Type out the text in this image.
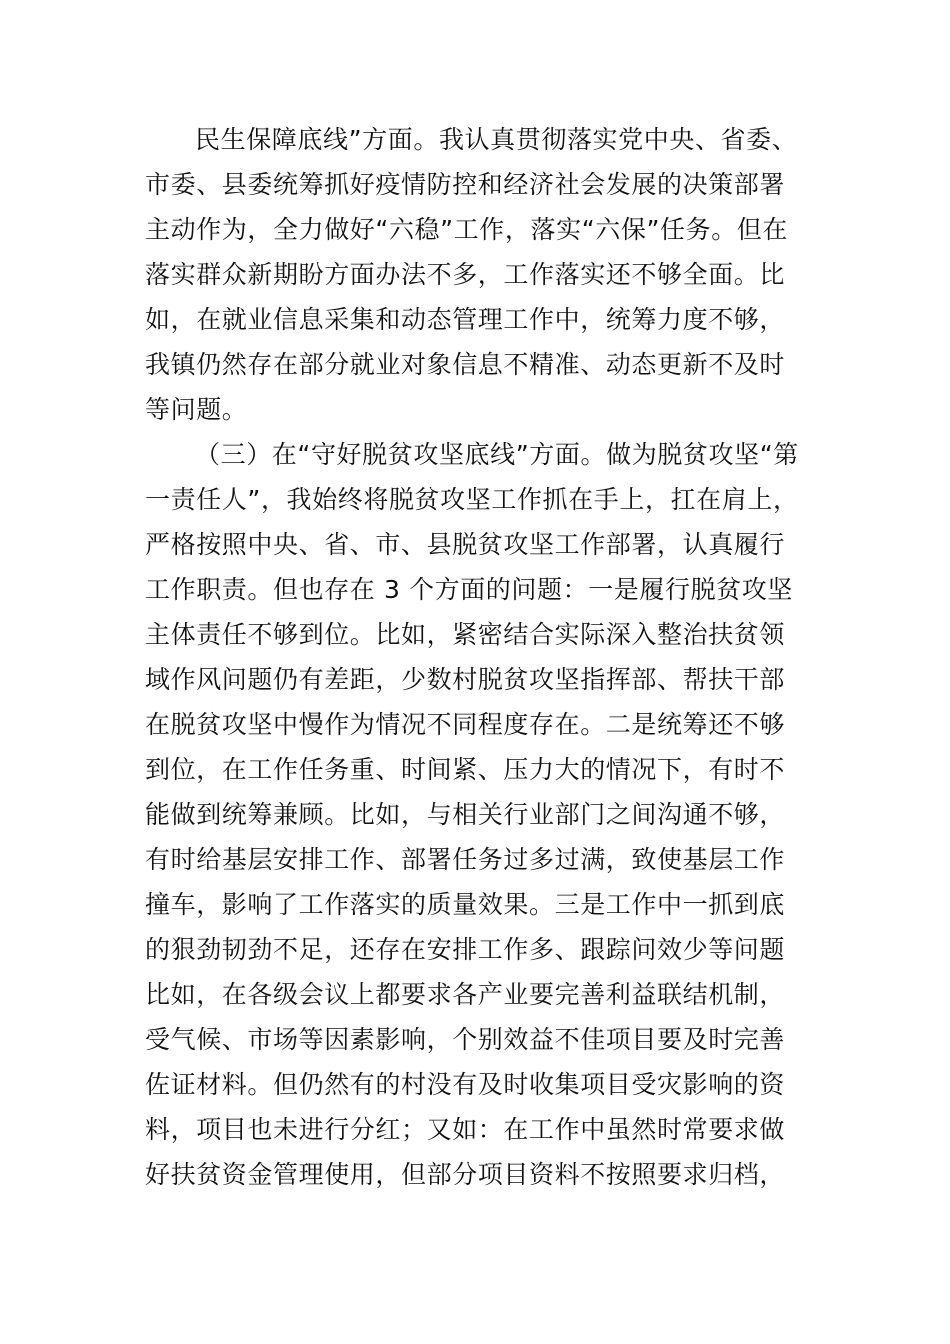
民生保障底线”方面。我认真贯彻落实党中央、省委、
市委、县委统筹抓好疫情防控和经济社会发展的决策部署
主动作为，全力做好“六稳”工作，落实“六保”任务。但在
落实群众新期盼方面办法不多，工作落实还不够全面。比
如，在就业信息采集和动态管理工作中，统筹力度不够，
我镇仍然存在部分就业对象信息不精准、动态更新不及时
等问题。
（三）在“守好脱贫攻坚底线”方面。做为脱贫攻坚“第
一责任人”，我始终将脱贫攻坚工作抓在手上，扛在肩上，
严格按照中央、省、市、县脱贫攻坚工作部署，认真履行
工作职责。但也存在 3 个方面的问题：一是履行脱贫攻坚
主体责任不够到位。比如，紧密结合实际深入整治扶贫领
域作风问题仍有差距，少数村脱贫攻坚指挥部、帮扶干部
在脱贫攻坚中慢作为情况不同程度存在。二是统筹还不够
到位，在工作任务重、时间紧、压力大的情况下，有时不
能做到统筹兼顾。比如，与相关行业部门之间沟通不够，
有时给基层安排工作、部署任务过多过满，致使基层工作
撞车，影响了工作落实的质量效果。三是工作中一抓到底
的狠劲韧劲不足，还存在安排工作多、跟踪问效少等问题
比如，在各级会议上都要求各产业要完善利益联结机制，
受气候、市场等因素影响，个别效益不佳项目要及时完善
佐证材料。但仍然有的村没有及时收集项目受灾影响的资
料，项目也未进行分红；又如：在工作中虽然时常要求做
好扶贫资金管理使用，但部分项目资料不按照要求归档，
